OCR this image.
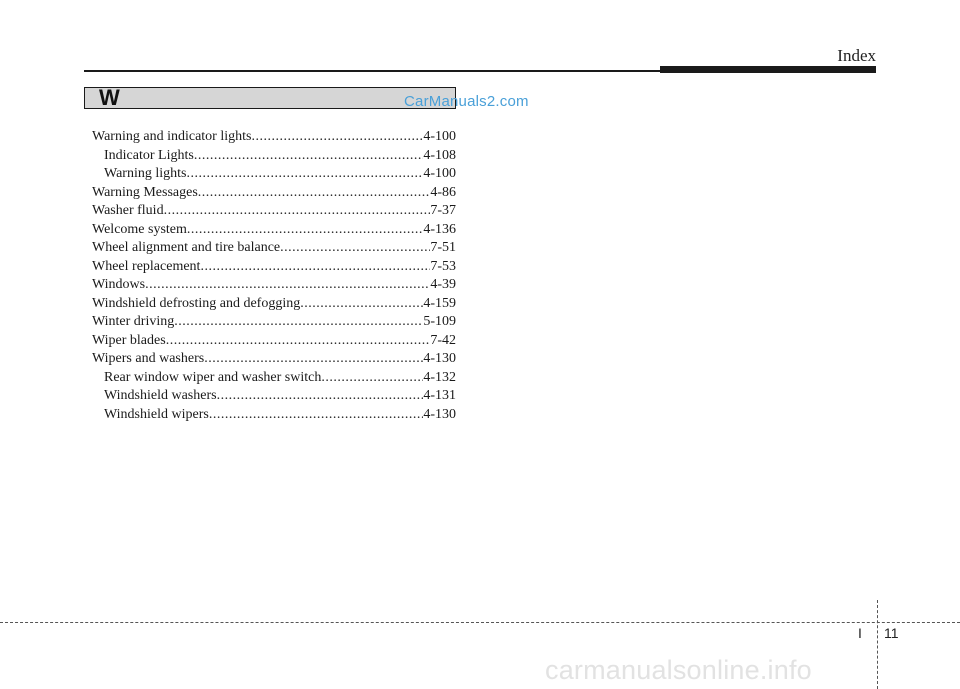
Index
W	CarManuals2.com
Warning and indicator lights .....	4-100
Indicator Lights .....	4-108
Warning lights .....	4-100
Warning Messages .....	4-86
Washer fluid .....	7-37
Welcome system .....	4-136
Wheel alignment and tire balance .....	7-51
Wheel replacement .....	7-53
Windows .....	4-39
Windshield defrosting and defogging .....	4-159
Winter driving .....	5-109
Wiper blades .....	7-42
Wipers and washers .....	4-130
Rear window wiper and washer switch .....	4-132
Windshield washers .....	4-131
Windshield wipers .....	4-130
I 11
carmanualsonline.info
